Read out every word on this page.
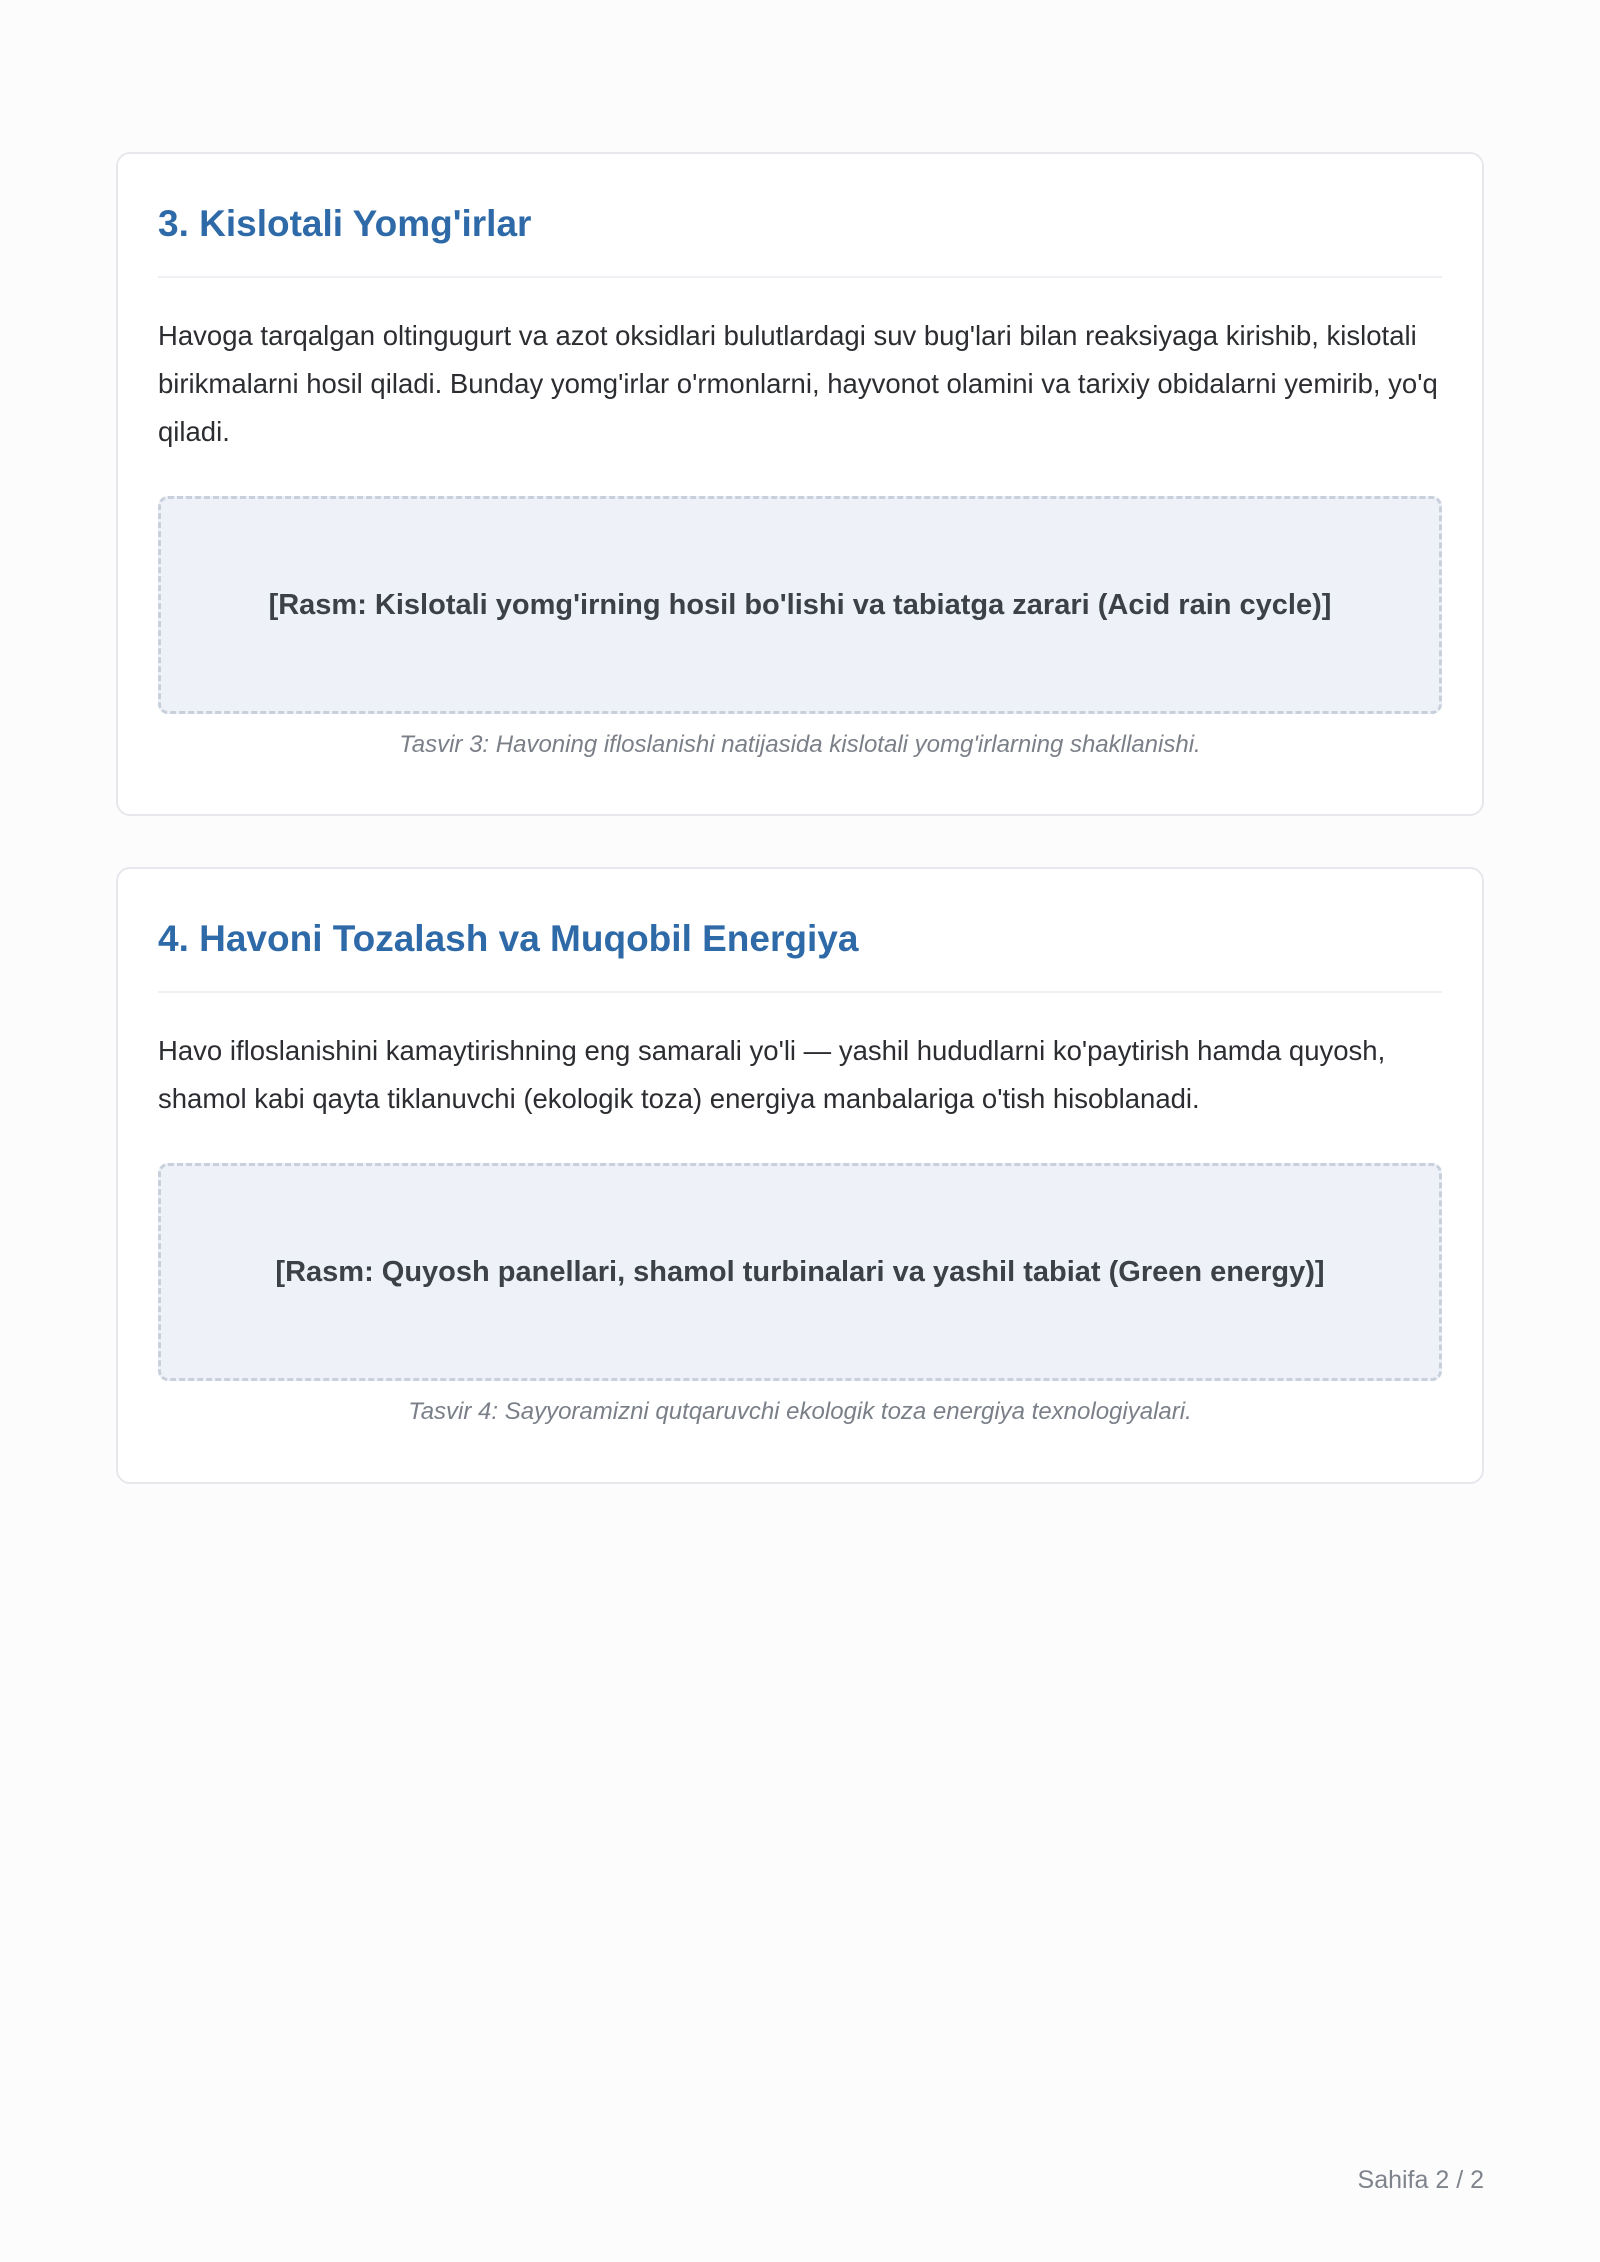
3. Kislotali Yomg'irlar

Havoga tarqalgan oltingugurt va azot oksidlari bulutlardagi suv bug'lari bilan reaksiyaga kirishib, kislotali birikmalarni hosil qiladi. Bunday yomg'irlar o'rmonlarni, hayvonot olamini va tarixiy obidalarni yemirib, yo'q qiladi.

[Rasm: Kislotali yomg'irning hosil bo'lishi va tabiatga zarari (Acid rain cycle)]

Tasvir 3: Havoning ifloslanishi natijasida kislotali yomg'irlarning shakllanishi.

4. Havoni Tozalash va Muqobil Energiya

Havo ifloslanishini kamaytirishning eng samarali yo'li — yashil hududlarni ko'paytirish hamda quyosh, shamol kabi qayta tiklanuvchi (ekologik toza) energiya manbalariga o'tish hisoblanadi.

[Rasm: Quyosh panellari, shamol turbinalari va yashil tabiat (Green energy)]

Tasvir 4: Sayyoramizni qutqaruvchi ekologik toza energiya texnologiyalari.

Sahifa 2 / 2
